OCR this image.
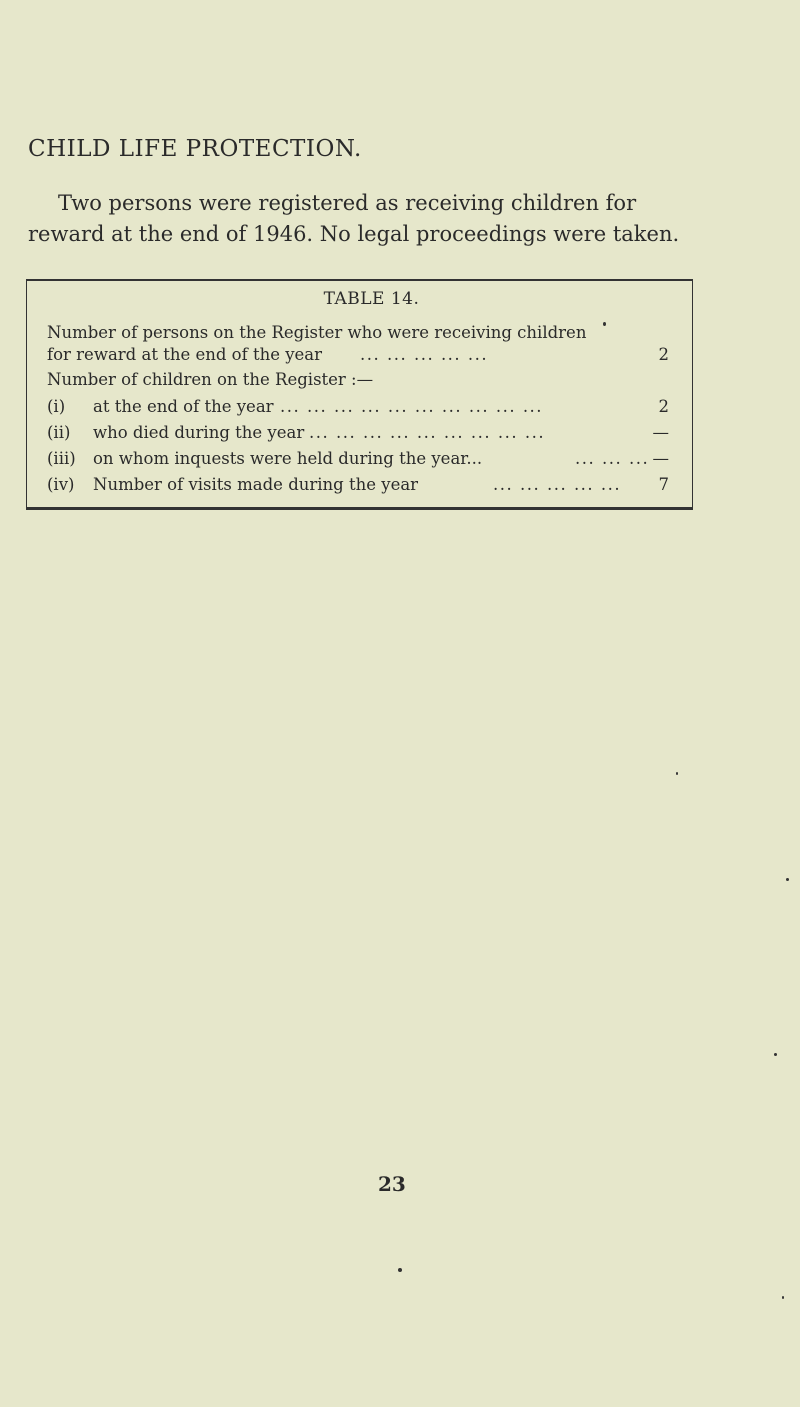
CHILD LIFE PROTECTION.
Two persons were registered as receiving children for
reward at the end of 1946. No legal proceedings were taken.
TABLE 14.
Number of persons on the Register who were receiving children
for reward at the end of the year ... ... ... ... ...	2
Number of children on the Register :—
(i) at the end of the year ... ... ... ... ... ... ... ... ... ...	2
(ii) who died during the year ... ... ... ... ... ... ... ... ...	—
(iii) on whom inquests were held during the year...	... ... ... —
(iv) Number of visits made during the year	... ... ... ... ...	7
23
